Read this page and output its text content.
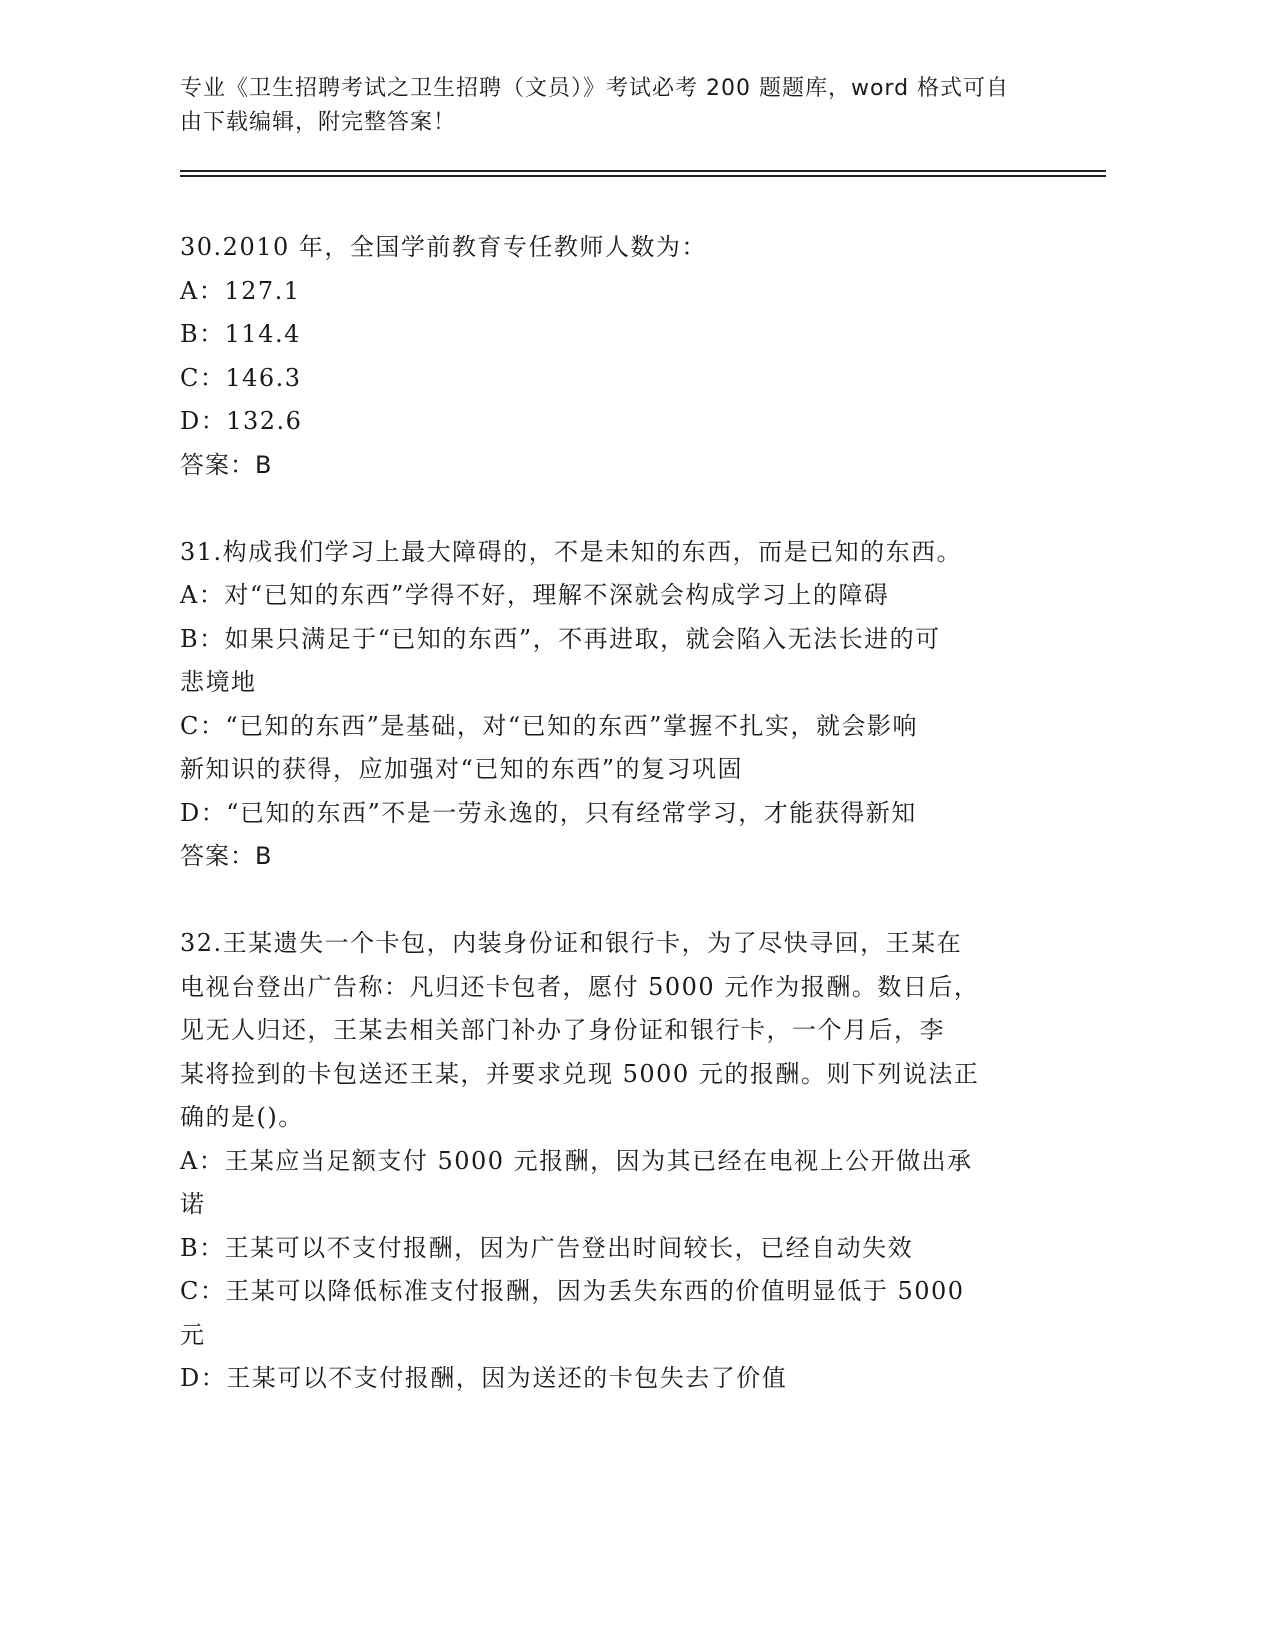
专业《卫生招聘考试之卫生招聘（文员）》考试必考 200 题题库，word 格式可自
由下载编辑，附完整答案！
30.2010 年，全国学前教育专任教师人数为：
A：127.1
B：114.4
C：146.3
D：132.6
答案：B
31.构成我们学习上最大障碍的，不是未知的东西，而是已知的东西。
A：对“已知的东西”学得不好，理解不深就会构成学习上的障碍
B：如果只满足于“已知的东西”，不再进取，就会陷入无法长进的可
悲境地
C：“已知的东西”是基础，对“已知的东西”掌握不扎实，就会影响
新知识的获得，应加强对“已知的东西”的复习巩固
D：“已知的东西”不是一劳永逸的，只有经常学习，才能获得新知
答案：B
32.王某遗失一个卡包，内装身份证和银行卡，为了尽快寻回，王某在
电视台登出广告称：凡归还卡包者，愿付 5000 元作为报酬。数日后，
见无人归还，王某去相关部门补办了身份证和银行卡，一个月后，李
某将捡到的卡包送还王某，并要求兑现 5000 元的报酬。则下列说法正
确的是()。
A：王某应当足额支付 5000 元报酬，因为其已经在电视上公开做出承
诺
B：王某可以不支付报酬，因为广告登出时间较长，已经自动失效
C：王某可以降低标准支付报酬，因为丢失东西的价值明显低于 5000
元
D：王某可以不支付报酬，因为送还的卡包失去了价值
